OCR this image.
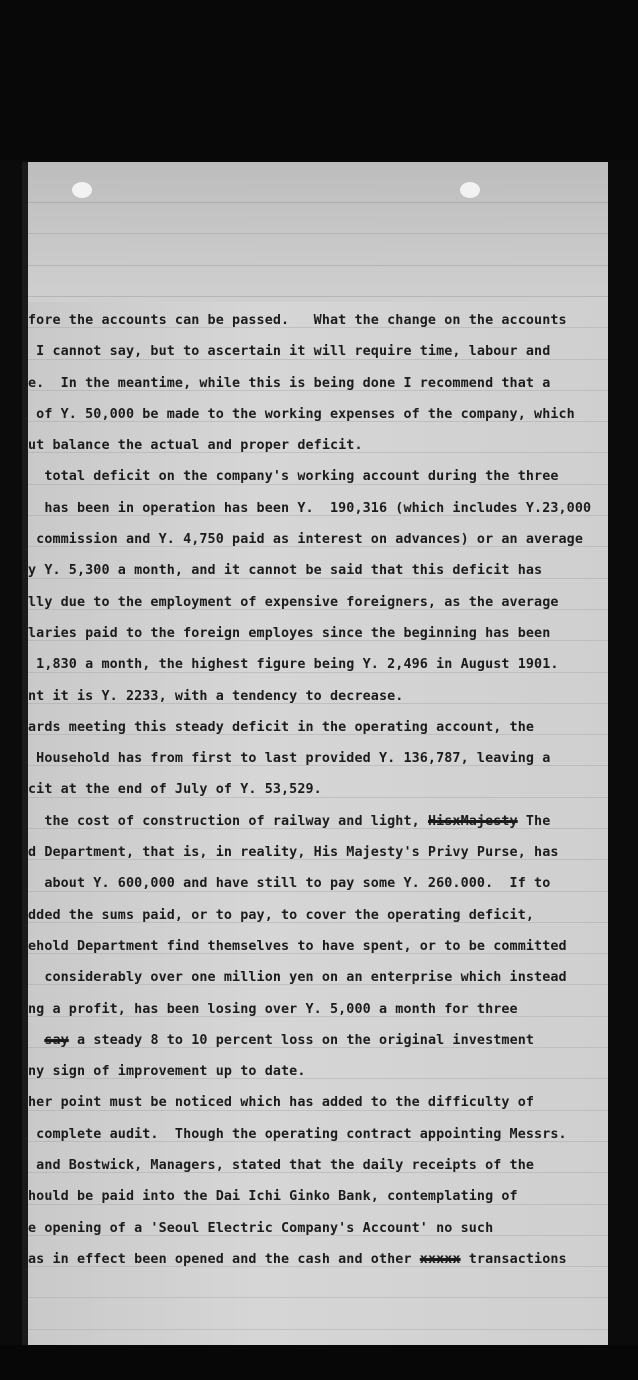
fore the accounts can be passed.   What the change on the accounts
I cannot say, but to ascertain it will require time, labour and
e.  In the meantime, while this is being done I recommend that a
of Y. 50,000 be made to the working expenses of the company, which
ut balance the actual and proper deficit.
total deficit on the company's working account during the three
has been in operation has been Y.  190,316 (which includes Y.23,000
commission and Y. 4,750 paid as interest on advances) or an average
y Y. 5,300 a month, and it cannot be said that this deficit has
lly due to the employment of expensive foreigners, as the average
laries paid to the foreign employes since the beginning has been
1,830 a month, the highest figure being Y. 2,496 in August 1901.
nt it is Y. 2233, with a tendency to decrease.
ards meeting this steady deficit in the operating account, the
Household has from first to last provided Y. 136,787, leaving a
cit at the end of July of Y. 53,529.
the cost of construction of railway and light, HisxMajesty The
d Department, that is, in reality, His Majesty's Privy Purse, has
about Y. 600,000 and have still to pay some Y. 260.000.  If to
dded the sums paid, or to pay, to cover the operating deficit,
ehold Department find themselves to have spent, or to be committed
considerably over one million yen on an enterprise which instead
ng a profit, has been losing over Y. 5,000 a month for three
say a steady 8 to 10 percent loss on the original investment
ny sign of improvement up to date.
her point must be noticed which has added to the difficulty of
complete audit.  Though the operating contract appointing Messrs.
and Bostwick, Managers, stated that the daily receipts of the
hould be paid into the Dai Ichi Ginko Bank, contemplating of
e opening of a 'Seoul Electric Company's Account' no such
as in effect been opened and the cash and other xxxxx transactions
